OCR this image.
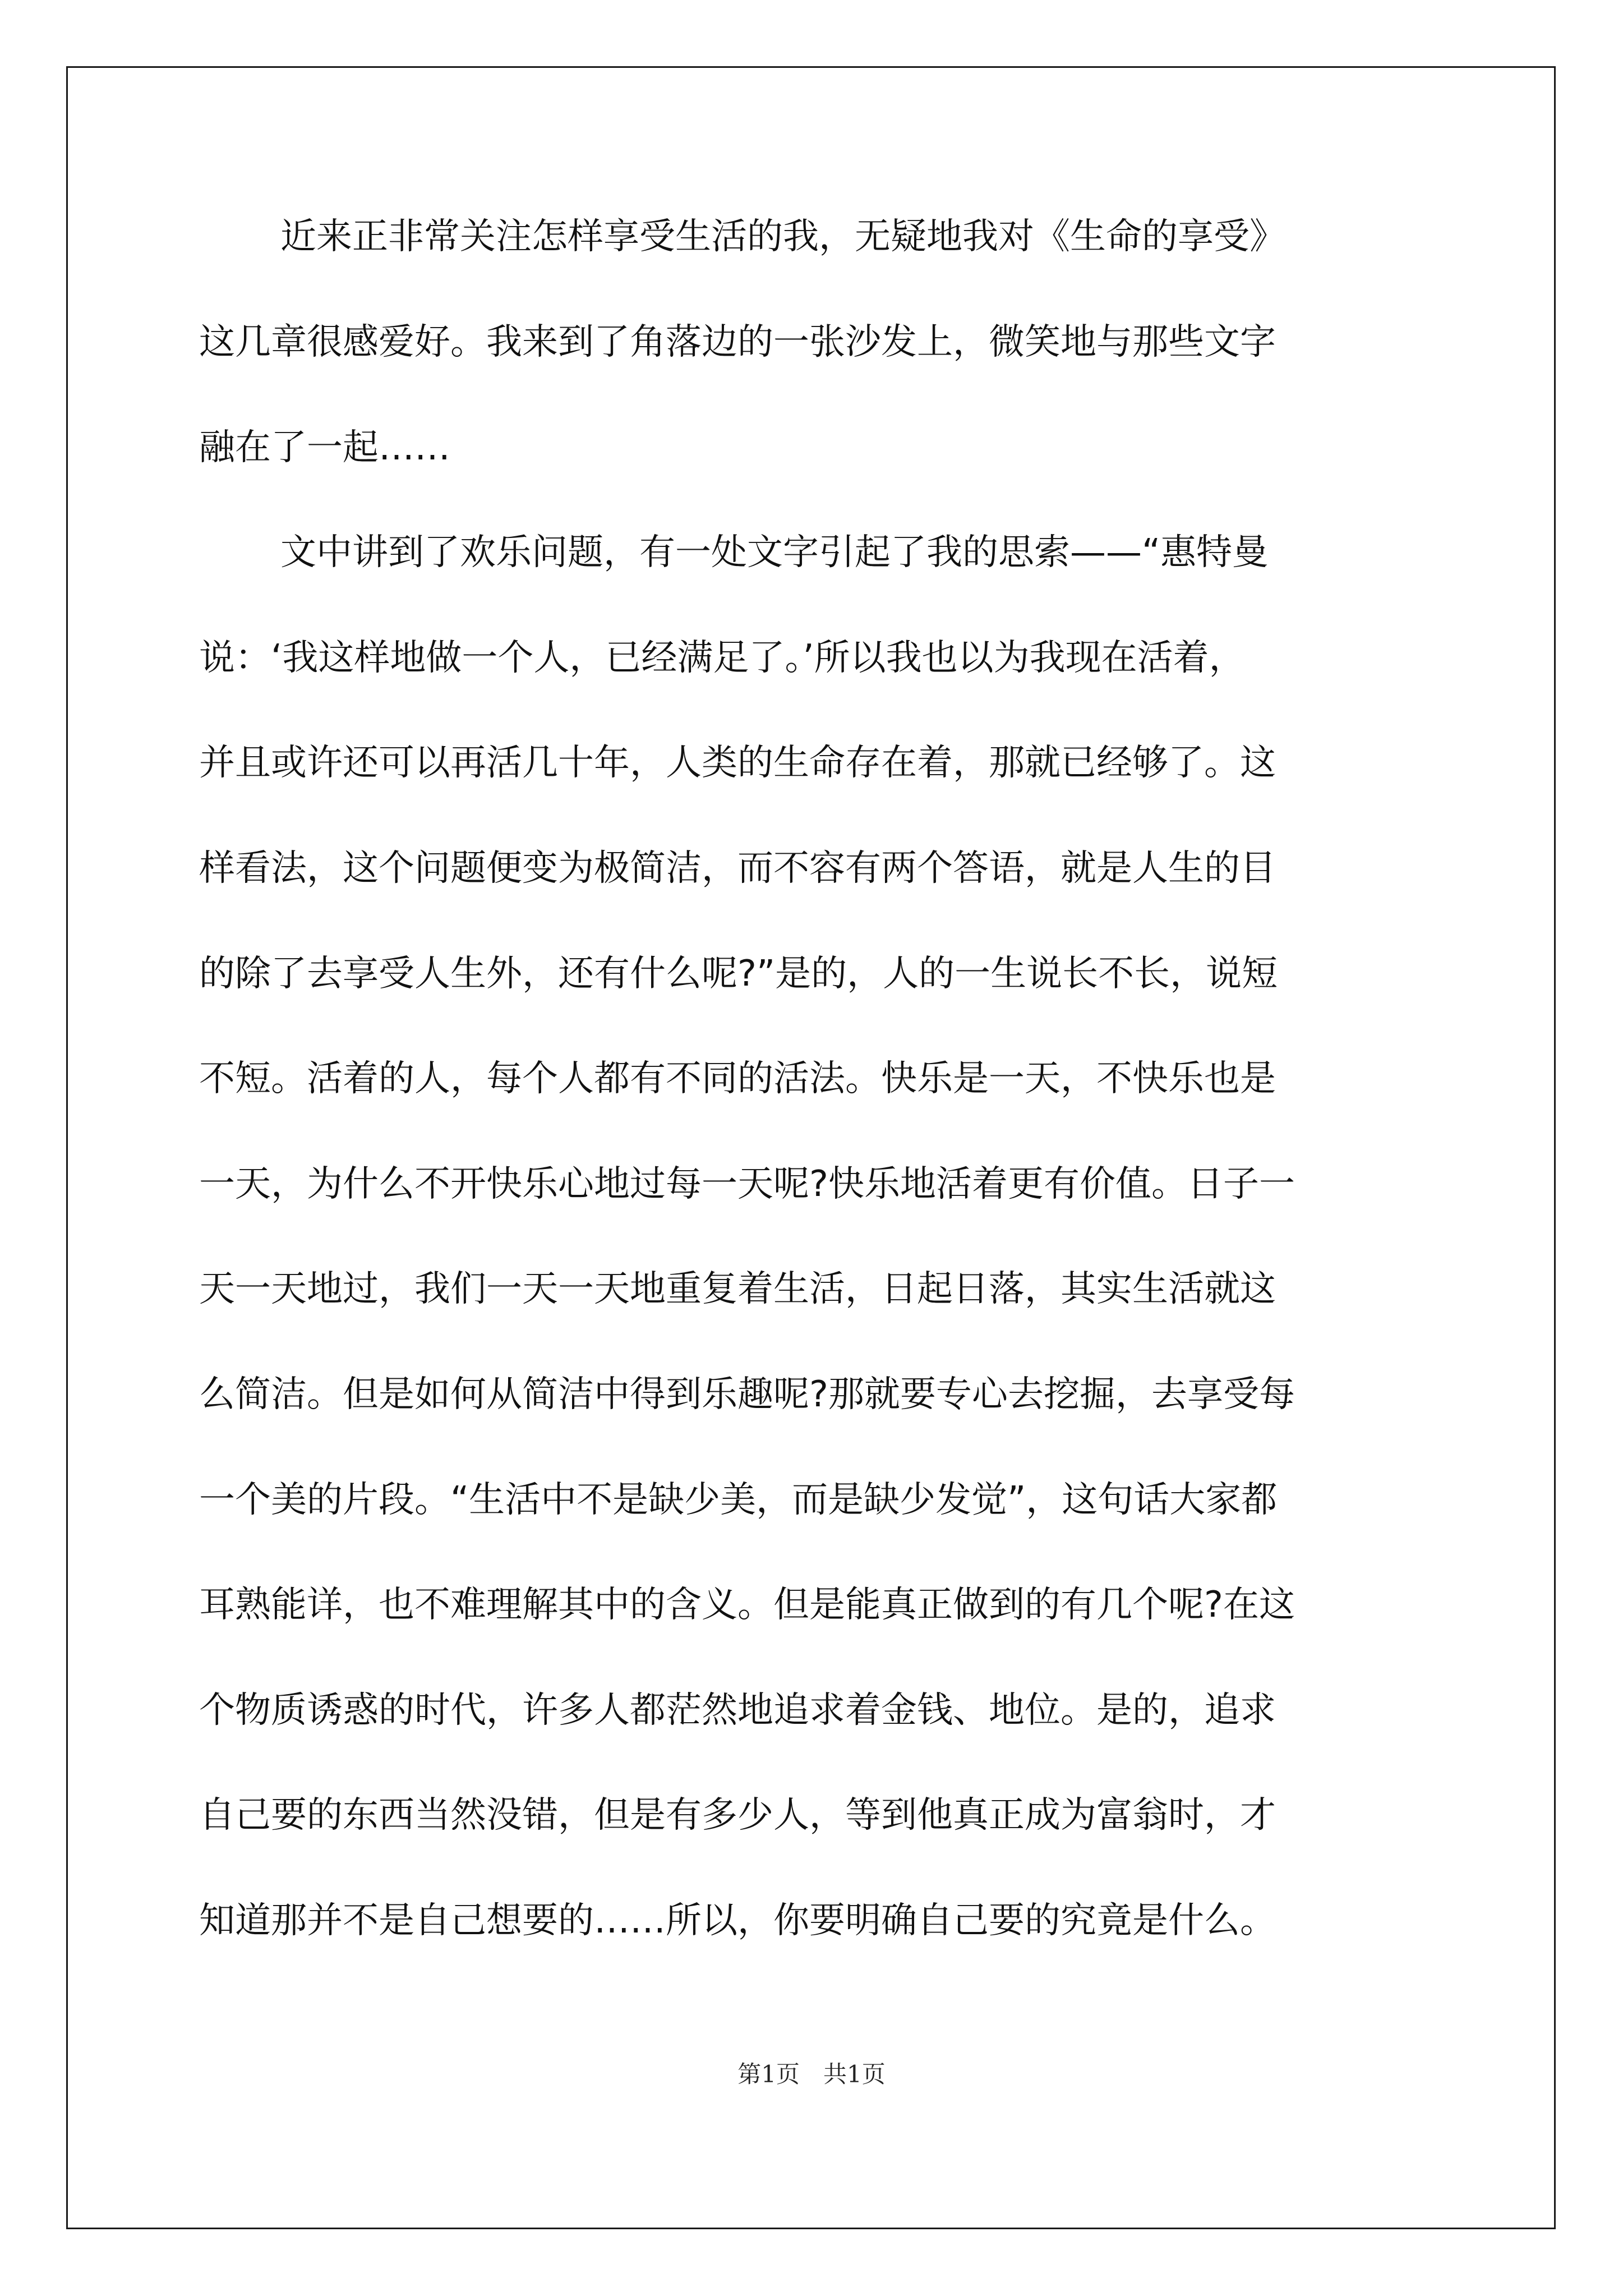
近来正非常关注怎样享受生活的我，无疑地我对《生命的享受》
这几章很感爱好。我来到了角落边的一张沙发上，微笑地与那些文字
融在了一起……
文中讲到了欢乐问题，有一处文字引起了我的思索——“惠特曼
说：‘我这样地做一个人，已经满足了。’所以我也以为我现在活着，
并且或许还可以再活几十年，人类的生命存在着，那就已经够了。这
样看法，这个问题便变为极简洁，而不容有两个答语，就是人生的目
的除了去享受人生外，还有什么呢?”是的，人的一生说长不长，说短
不短。活着的人，每个人都有不同的活法。快乐是一天，不快乐也是
一天，为什么不开快乐心地过每一天呢?快乐地活着更有价值。日子一
天一天地过，我们一天一天地重复着生活，日起日落，其实生活就这
么简洁。但是如何从简洁中得到乐趣呢?那就要专心去挖掘，去享受每
一个美的片段。“生活中不是缺少美，而是缺少发觉”，这句话大家都
耳熟能详，也不难理解其中的含义。但是能真正做到的有几个呢?在这
个物质诱惑的时代，许多人都茫然地追求着金钱、地位。是的，追求
自己要的东西当然没错，但是有多少人，等到他真正成为富翁时，才
知道那并不是自己想要的……所以，你要明确自己要的究竟是什么。
第1页　共1页
